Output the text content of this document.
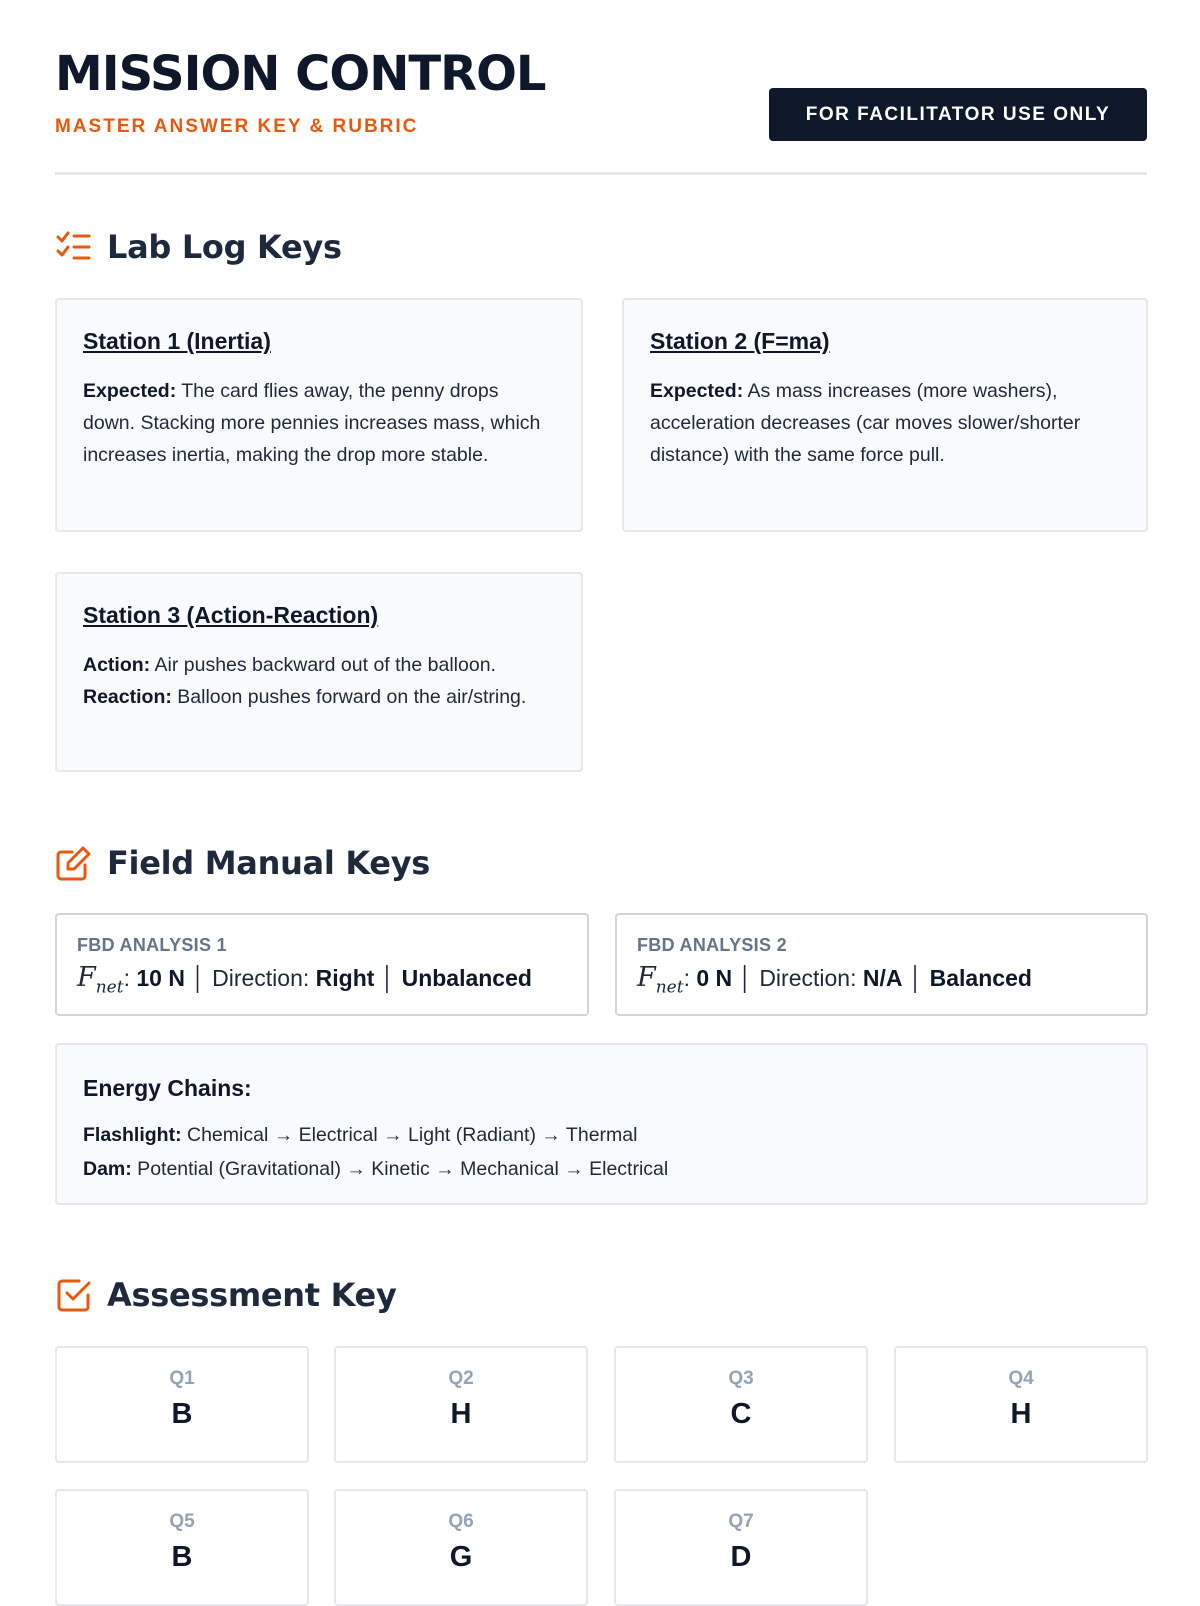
MISSION CONTROL
MASTER ANSWER KEY & RUBRIC
FOR FACILITATOR USE ONLY
Lab Log Keys
Station 1 (Inertia)

Expected: The card flies away, the penny drops down. Stacking more pennies increases mass, which increases inertia, making the drop more stable.

Station 2 (F=ma)

Expected: As mass increases (more washers), acceleration decreases (car moves slower/shorter distance) with the same force pull.

Station 3 (Action-Reaction)

Action: Air pushes backward out of the balloon.

Reaction: Balloon pushes forward on the air/string.

Field Manual Keys
FBD ANALYSIS 1
$F_{net}$: 10 N │ Direction: Right │ Unbalanced
FBD ANALYSIS 2
$F_{net}$: 0 N │ Direction: N/A │ Balanced
Energy Chains:

Flashlight: Chemical → Electrical → Light (Radiant) → Thermal

Dam: Potential (Gravitational) → Kinetic → Mechanical → Electrical

Assessment Key
Q1
B
Q2
H
Q3
C
Q4
H
Q5
B
Q6
G
Q7
D
